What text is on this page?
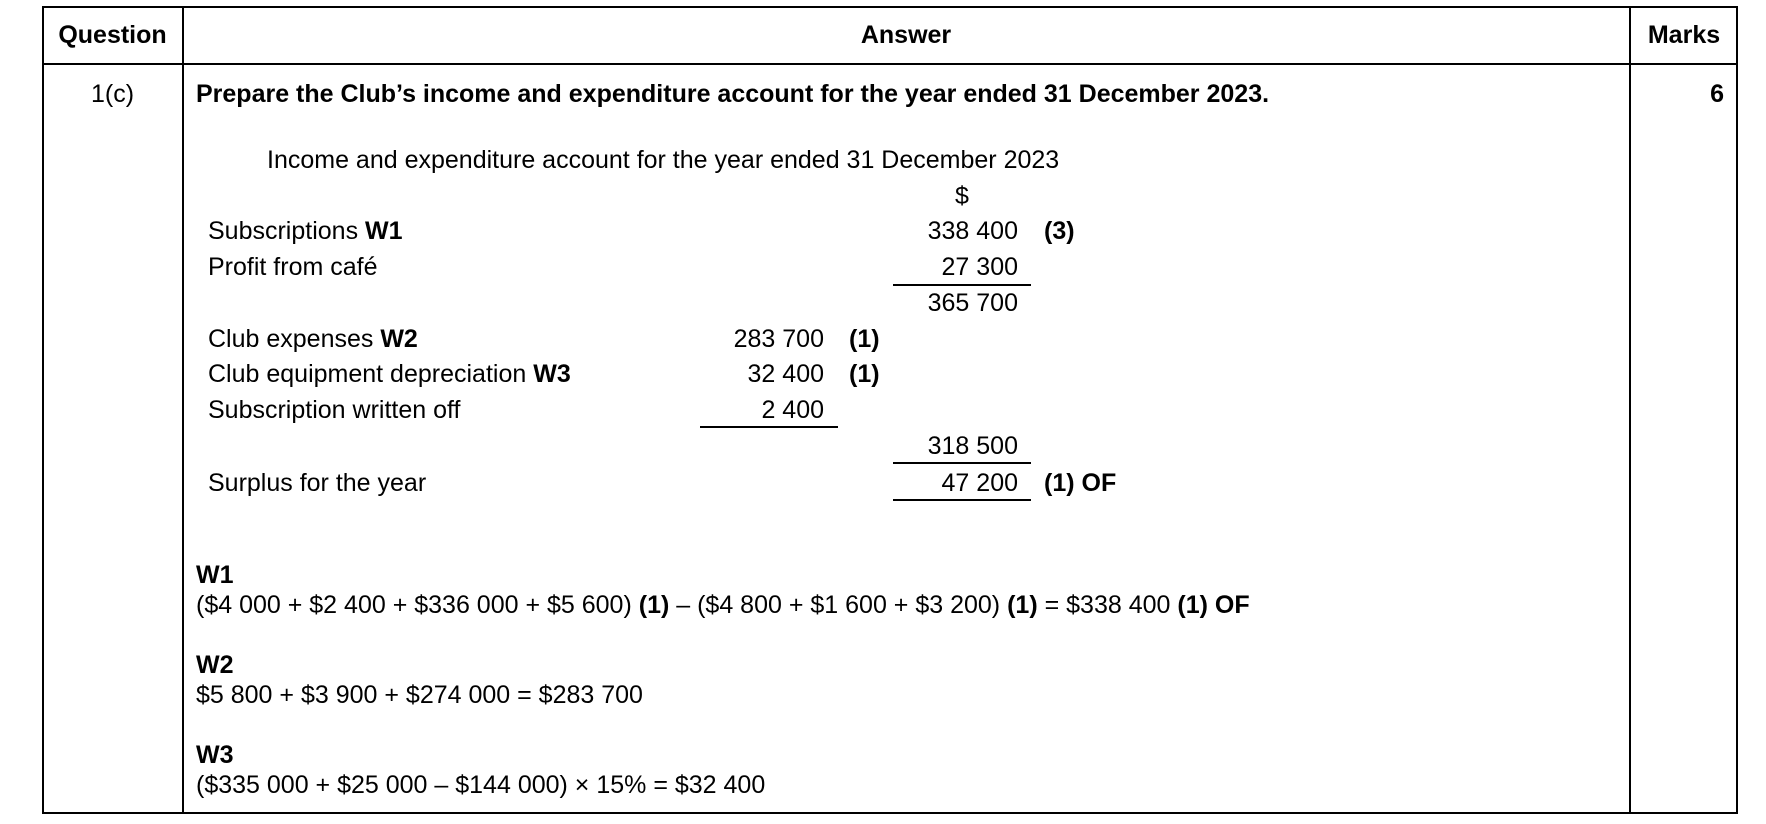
Question	Answer	Marks
1(c)	Prepare the Club’s income and expenditure account for the year ended 31 December 2023.	6
Income and expenditure account for the year ended 31 December 2023
$
Subscriptions W1	338 400 (3)
Profit from café	27 300
365 700
Club expenses W2	283 700 (1)
Club equipment depreciation W3	32 400 (1)
Subscription written off	2 400
318 500
Surplus for the year	47 200 (1) OF
W1
($4 000 + $2 400 + $336 000 + $5 600) (1) – ($4 800 + $1 600 + $3 200) (1) = $338 400 (1) OF
W2
$5 800 + $3 900 + $274 000 = $283 700
W3
($335 000 + $25 000 – $144 000) × 15% = $32 400
